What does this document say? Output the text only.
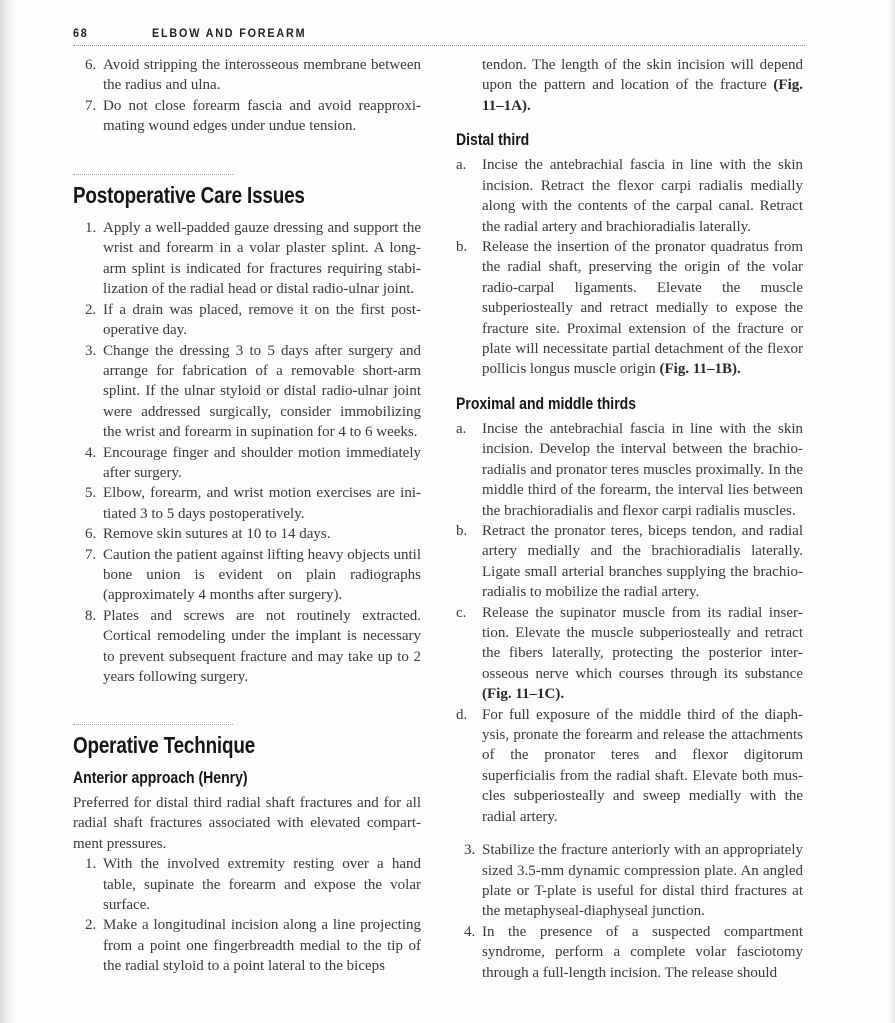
68	ELBOW AND FOREARM
6. Avoid stripping the interosseous membrane between the radius and ulna.
7. Do not close forearm fascia and avoid reapproximating wound edges under undue tension.
Postoperative Care Issues
1. Apply a well-padded gauze dressing and support the wrist and forearm in a volar plaster splint. A long-arm splint is indicated for fractures requiring stabilization of the radial head or distal radio-ulnar joint.
2. If a drain was placed, remove it on the first postoperative day.
3. Change the dressing 3 to 5 days after surgery and arrange for fabrication of a removable short-arm splint. If the ulnar styloid or distal radio-ulnar joint were addressed surgically, consider immobilizing the wrist and forearm in supination for 4 to 6 weeks.
4. Encourage finger and shoulder motion immediately after surgery.
5. Elbow, forearm, and wrist motion exercises are initiated 3 to 5 days postoperatively.
6. Remove skin sutures at 10 to 14 days.
7. Caution the patient against lifting heavy objects until bone union is evident on plain radiographs (approximately 4 months after surgery).
8. Plates and screws are not routinely extracted. Cortical remodeling under the implant is necessary to prevent subsequent fracture and may take up to 2 years following surgery.
Operative Technique
Anterior approach (Henry)

Preferred for distal third radial shaft fractures and for all radial shaft fractures associated with elevated compartment pressures.

1. With the involved extremity resting over a hand table, supinate the forearm and expose the volar surface.
2. Make a longitudinal incision along a line projecting from a point one fingerbreadth medial to the tip of the radial styloid to a point lateral to the biceps

tendon. The length of the skin incision will depend upon the pattern and location of the fracture (Fig. 11–1A).

Distal third
a. Incise the antebrachial fascia in line with the skin incision. Retract the flexor carpi radialis medially along with the contents of the carpal canal. Retract the radial artery and brachioradialis laterally.
b. Release the insertion of the pronator quadratus from the radial shaft, preserving the origin of the volar radio-carpal ligaments. Elevate the muscle subperiosteally and retract medially to expose the fracture site. Proximal extension of the fracture or plate will necessitate partial detachment of the flexor pollicis longus muscle origin (Fig. 11–1B).
Proximal and middle thirds
a. Incise the antebrachial fascia in line with the skin incision. Develop the interval between the brachioradialis and pronator teres muscles proximally. In the middle third of the forearm, the interval lies between the brachioradialis and flexor carpi radialis muscles.
b. Retract the pronator teres, biceps tendon, and radial artery medially and the brachioradialis laterally. Ligate small arterial branches supplying the brachioradialis to mobilize the radial artery.
c. Release the supinator muscle from its radial insertion. Elevate the muscle subperiosteally and retract the fibers laterally, protecting the posterior interosseous nerve which courses through its substance (Fig. 11–1C).
d. For full exposure of the middle third of the diaphysis, pronate the forearm and release the attachments of the pronator teres and flexor digitorum superficialis from the radial shaft. Elevate both muscles subperiosteally and sweep medially with the radial artery.
3. Stabilize the fracture anteriorly with an appropriately sized 3.5-mm dynamic compression plate. An angled plate or T-plate is useful for distal third fractures at the metaphyseal-diaphyseal junction.
4. In the presence of a suspected compartment syndrome, perform a complete volar fasciotomy through a full-length incision. The release should
